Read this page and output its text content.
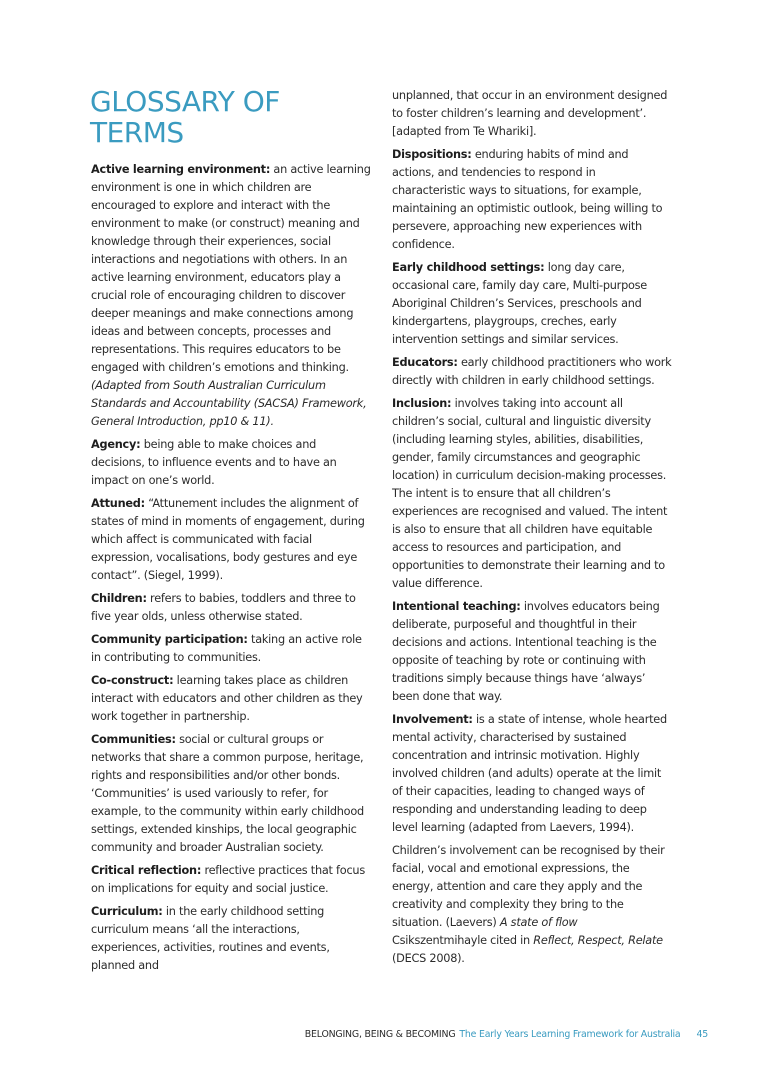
GLOSSARY OF TERMS

Active learning environment: an active learning environment is one in which children are encouraged to explore and interact with the environment to make (or construct) meaning and knowledge through their experiences, social interactions and negotiations with others. In an active learning environment, educators play a crucial role of encouraging children to discover deeper meanings and make connections among ideas and between concepts, processes and representations. This requires educators to be engaged with children’s emotions and thinking. (Adapted from South Australian Curriculum Standards and Accountability (SACSA) Framework, General Introduction, pp10 & 11).

Agency: being able to make choices and decisions, to influence events and to have an impact on one’s world.

Attuned: “Attunement includes the alignment of states of mind in moments of engagement, during which affect is communicated with facial expression, vocalisations, body gestures and eye contact”. (Siegel, 1999).

Children: refers to babies, toddlers and three to five year olds, unless otherwise stated.

Community participation: taking an active role in contributing to communities.

Co-construct: learning takes place as children interact with educators and other children as they work together in partnership.

Communities: social or cultural groups or networks that share a common purpose, heritage, rights and responsibilities and/or other bonds. ‘Communities’ is used variously to refer, for example, to the community within early childhood settings, extended kinships, the local geographic community and broader Australian society.

Critical reflection: reflective practices that focus on implications for equity and social justice.

Curriculum: in the early childhood setting curriculum means ‘all the interactions, experiences, activities, routines and events, planned and

unplanned, that occur in an environment designed to foster children’s learning and development’. [adapted from Te Whariki].

Dispositions: enduring habits of mind and actions, and tendencies to respond in characteristic ways to situations, for example, maintaining an optimistic outlook, being willing to persevere, approaching new experiences with confidence.

Early childhood settings: long day care, occasional care, family day care, Multi-purpose Aboriginal Children’s Services, preschools and kindergartens, playgroups, creches, early intervention settings and similar services.

Educators: early childhood practitioners who work directly with children in early childhood settings.

Inclusion: involves taking into account all children’s social, cultural and linguistic diversity (including learning styles, abilities, disabilities, gender, family circumstances and geographic location) in curriculum decision-making processes. The intent is to ensure that all children’s experiences are recognised and valued. The intent is also to ensure that all children have equitable access to resources and participation, and opportunities to demonstrate their learning and to value difference.

Intentional teaching: involves educators being deliberate, purposeful and thoughtful in their decisions and actions. Intentional teaching is the opposite of teaching by rote or continuing with traditions simply because things have ‘always’ been done that way.

Involvement: is a state of intense, whole hearted mental activity, characterised by sustained concentration and intrinsic motivation. Highly involved children (and adults) operate at the limit of their capacities, leading to changed ways of responding and understanding leading to deep level learning (adapted from Laevers, 1994).

Children’s involvement can be recognised by their facial, vocal and emotional expressions, the energy, attention and care they apply and the creativity and complexity they bring to the situation. (Laevers) A state of flow Csikszentmihayle cited in Reflect, Respect, Relate (DECS 2008).

BELONGING, BEING & BECOMING The Early Years Learning Framework for Australia 45
